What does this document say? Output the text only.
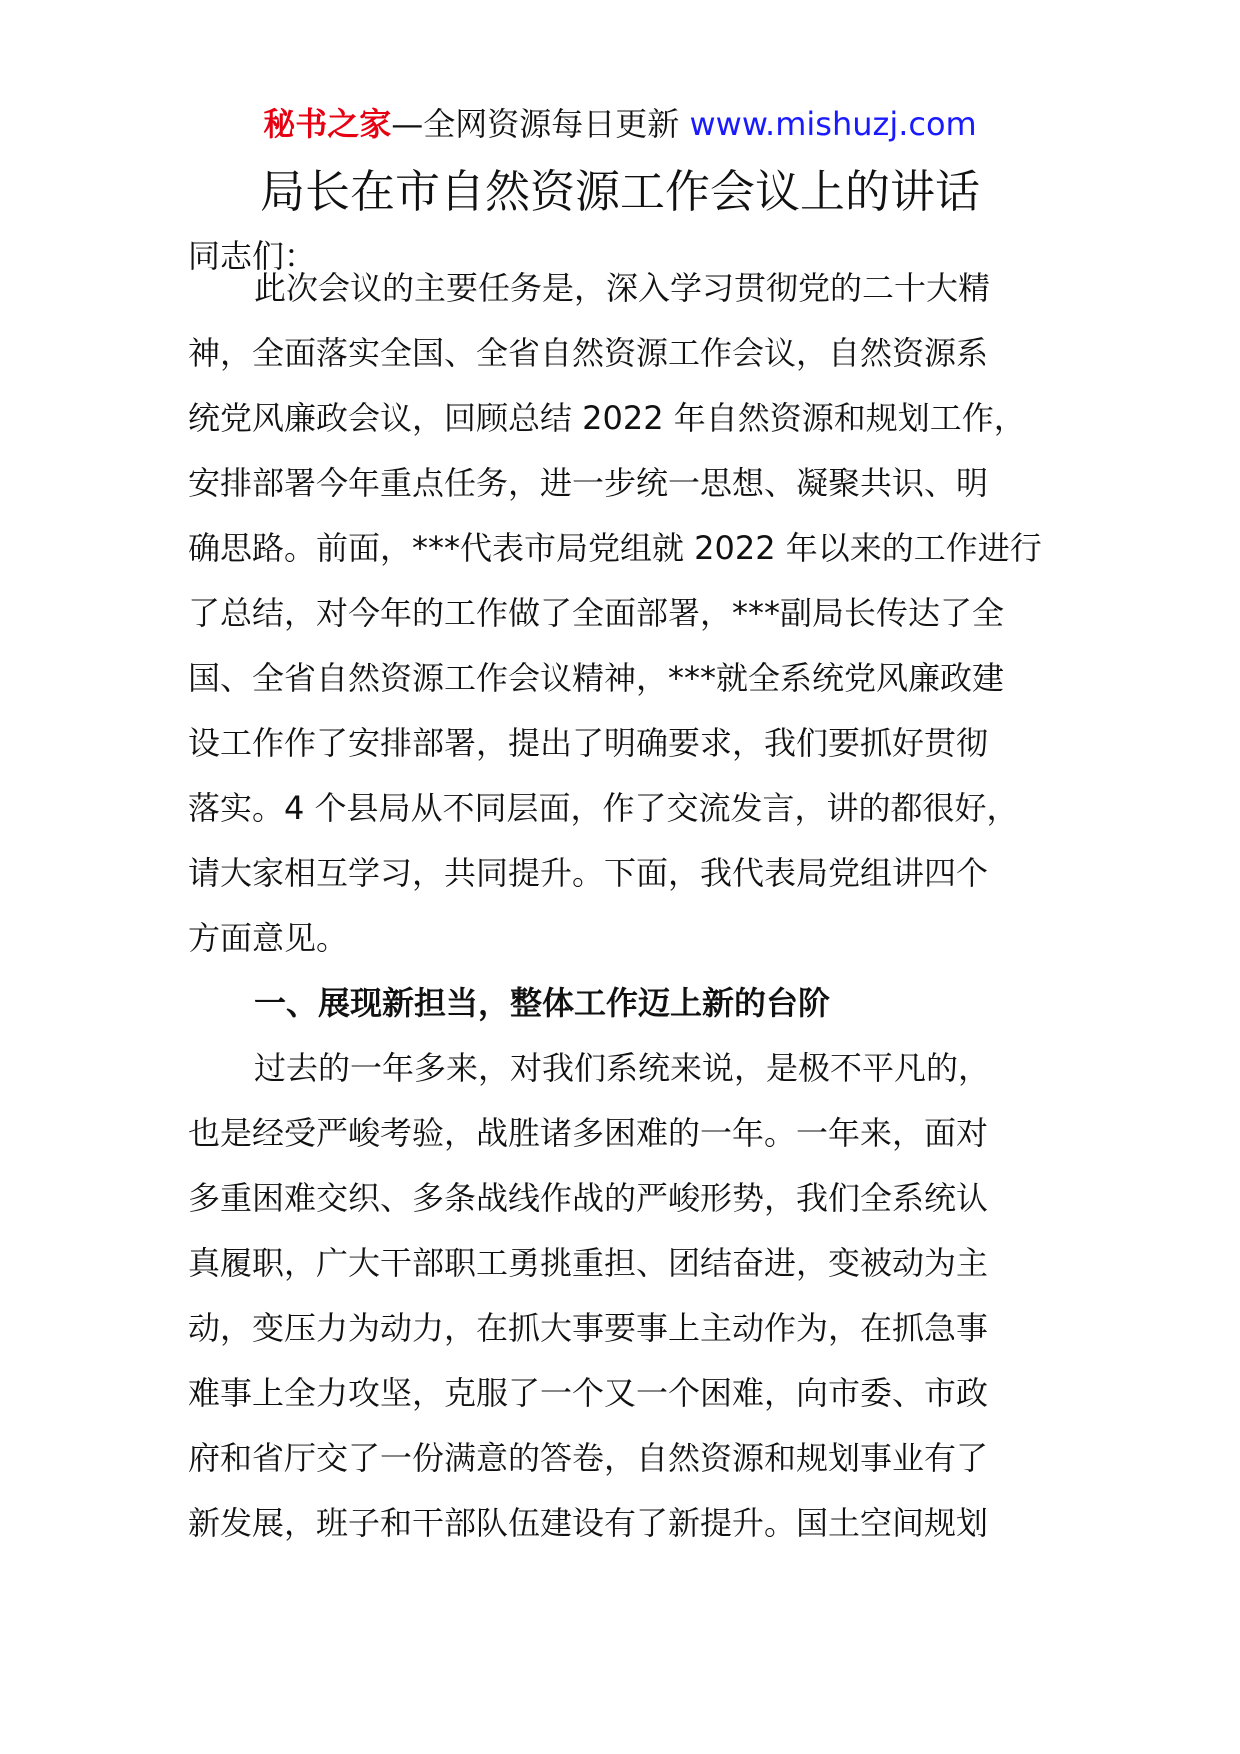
秘书之家—全网资源每日更新 www.mishuzj.com
局长在市自然资源工作会议上的讲话
同志们：
此次会议的主要任务是，深入学习贯彻党的二十大精
神，全面落实全国、全省自然资源工作会议，自然资源系
统党风廉政会议，回顾总结 2022 年自然资源和规划工作，
安排部署今年重点任务，进一步统一思想、凝聚共识、明
确思路。前面，***代表市局党组就 2022 年以来的工作进行
了总结，对今年的工作做了全面部署，***副局长传达了全
国、全省自然资源工作会议精神，***就全系统党风廉政建
设工作作了安排部署，提出了明确要求，我们要抓好贯彻
落实。4 个县局从不同层面，作了交流发言，讲的都很好，
请大家相互学习，共同提升。下面，我代表局党组讲四个
方面意见。
一、展现新担当，整体工作迈上新的台阶
过去的一年多来，对我们系统来说，是极不平凡的，
也是经受严峻考验，战胜诸多困难的一年。一年来，面对
多重困难交织、多条战线作战的严峻形势，我们全系统认
真履职，广大干部职工勇挑重担、团结奋进，变被动为主
动，变压力为动力，在抓大事要事上主动作为，在抓急事
难事上全力攻坚，克服了一个又一个困难，向市委、市政
府和省厅交了一份满意的答卷，自然资源和规划事业有了
新发展，班子和干部队伍建设有了新提升。国土空间规划
